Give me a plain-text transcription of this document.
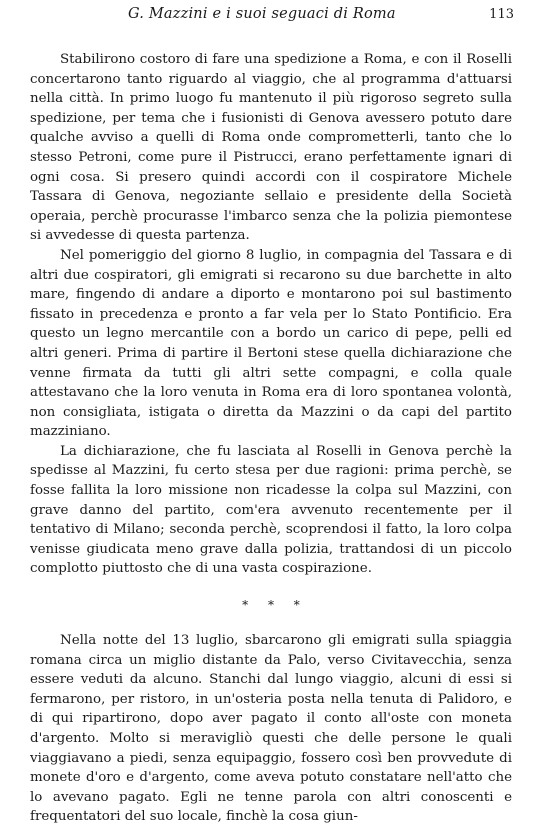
G. Mazzini e i suoi seguaci di Roma	113

Stabilirono costoro di fare una spedizione a Roma, e con il Roselli concertarono tanto riguardo al viaggio, che al programma d'attuarsi nella città. In primo luogo fu mantenuto il più rigoroso segreto sulla spedizione, per tema che i fusionisti di Genova avessero potuto dare qualche avviso a quelli di Roma onde comprometterli, tanto che lo stesso Petroni, come pure il Pistrucci, erano perfettamente ignari di ogni cosa. Si presero quindi accordi con il cospiratore Michele Tassara di Genova, negoziante sellaio e presidente della Società operaia, perchè procurasse l'imbarco senza che la polizia piemontese si avvedesse di questa partenza.

Nel pomeriggio del giorno 8 luglio, in compagnia del Tassara e di altri due cospiratori, gli emigrati si recarono su due barchette in alto mare, fingendo di andare a diporto e montarono poi sul bastimento fissato in precedenza e pronto a far vela per lo Stato Pontificio. Era questo un legno mercantile con a bordo un carico di pepe, pelli ed altri generi. Prima di partire il Bertoni stese quella dichiarazione che venne firmata da tutti gli altri sette compagni, e colla quale attestavano che la loro venuta in Roma era di loro spontanea volontà, non consigliata, istigata o diretta da Mazzini o da capi del partito mazziniano.

La dichiarazione, che fu lasciata al Roselli in Genova perchè la spedisse al Mazzini, fu certo stesa per due ragioni: prima perchè, se fosse fallita la loro missione non ricadesse la colpa sul Mazzini, con grave danno del partito, com'era avvenuto recentemente per il tentativo di Milano; seconda perchè, scoprendosi il fatto, la loro colpa venisse giudicata meno grave dalla polizia, trattandosi di un piccolo complotto piuttosto che di una vasta cospirazione.

* * *

Nella notte del 13 luglio, sbarcarono gli emigrati sulla spiaggia romana circa un miglio distante da Palo, verso Civitavecchia, senza essere veduti da alcuno. Stanchi dal lungo viaggio, alcuni di essi si fermarono, per ristoro, in un'osteria posta nella tenuta di Palidoro, e di qui ripartirono, dopo aver pagato il conto all'oste con moneta d'argento. Molto si meravigliò questi che delle persone le quali viaggiavano a piedi, senza equipaggio, fossero così ben provvedute di monete d'oro e d'argento, come aveva potuto constatare nell'atto che lo avevano pagato. Egli ne tenne parola con altri conoscenti e frequentatori del suo locale, finchè la cosa giun-
